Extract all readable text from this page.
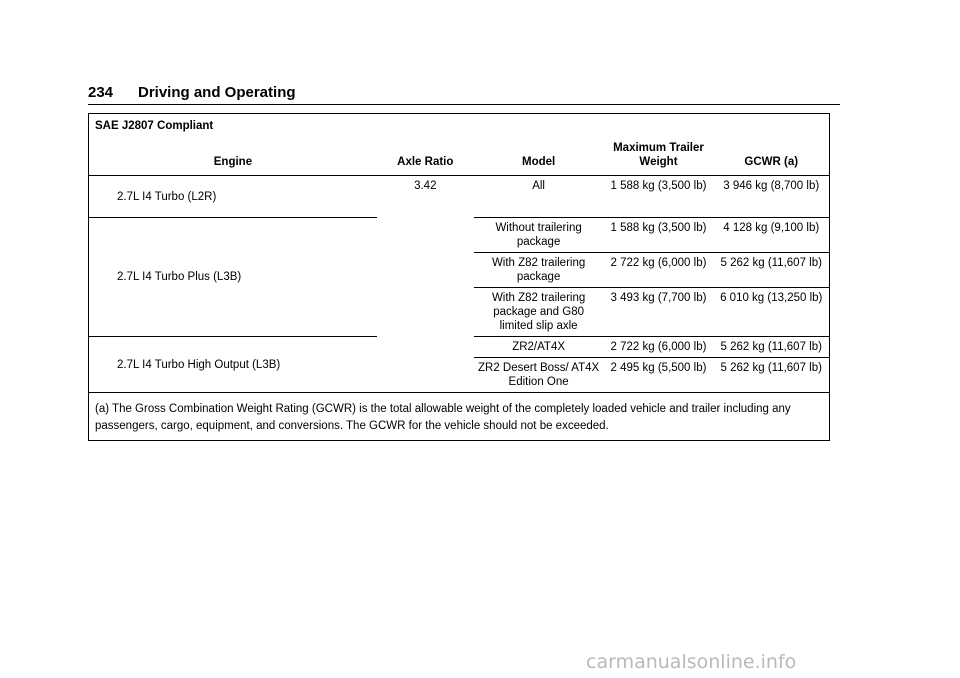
234 Driving and Operating
SAE J2807 Compliant				
Engine	Axle Ratio	Model	Maximum Trailer Weight	GCWR (a)
2.7L I4 Turbo (L2R)	3.42	All	1 588 kg (3,500 lb)	3 946 kg (8,700 lb)
2.7L I4 Turbo Plus (L3B)		Without trailering package	1 588 kg (3,500 lb)	4 128 kg (9,100 lb)
		With Z82 trailering package	2 722 kg (6,000 lb)	5 262 kg (11,607 lb)
		With Z82 trailering package and G80 limited slip axle	3 493 kg (7,700 lb)	6 010 kg (13,250 lb)
2.7L I4 Turbo High Output (L3B)		ZR2/AT4X	2 722 kg (6,000 lb)	5 262 kg (11,607 lb)
		ZR2 Desert Boss/ AT4X Edition One	2 495 kg (5,500 lb)	5 262 kg (11,607 lb)
(a) The Gross Combination Weight Rating (GCWR) is the total allowable weight of the completely loaded vehicle and trailer including any passengers, cargo, equipment, and conversions. The GCWR for the vehicle should not be exceeded.				
carmanualsonline.info
